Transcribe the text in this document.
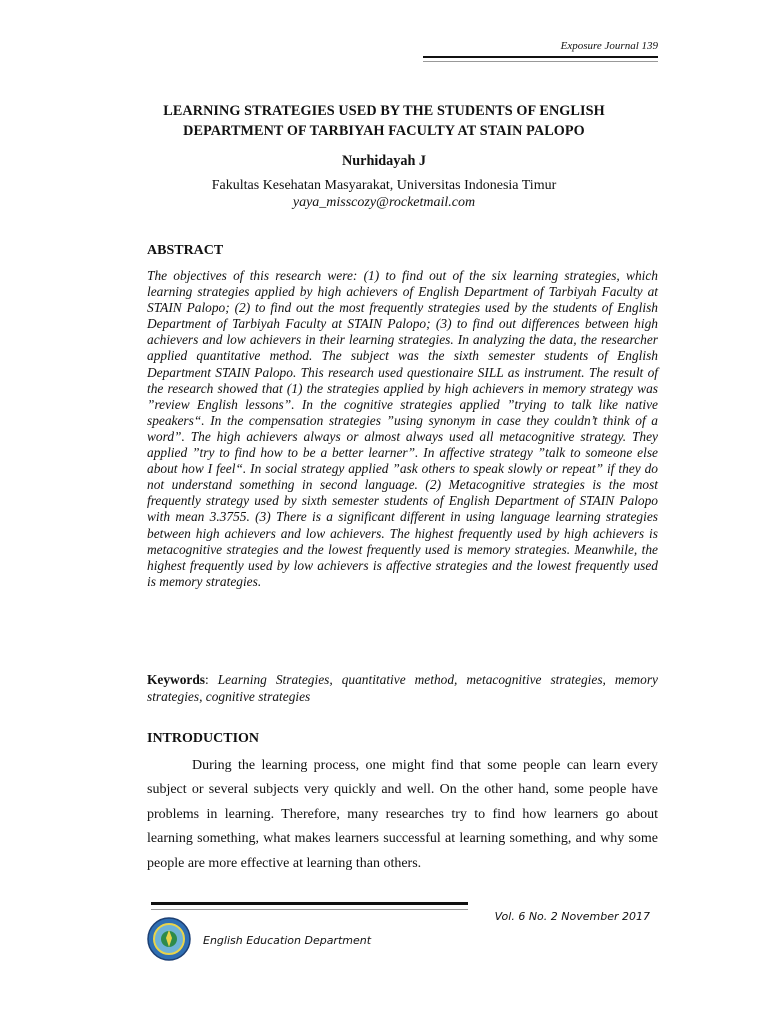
Exposure Journal 139
LEARNING STRATEGIES USED BY THE STUDENTS OF ENGLISH
DEPARTMENT OF TARBIYAH FACULTY AT STAIN PALOPO
Nurhidayah J
Fakultas Kesehatan Masyarakat, Universitas Indonesia Timur
yaya_misscozy@rocketmail.com
ABSTRACT

The objectives of this research were: (1) to find out of the six learning strategies, which learning strategies applied by high achievers of English Department of Tarbiyah Faculty at STAIN Palopo; (2) to find out the most frequently strategies used by the students of English Department of Tarbiyah Faculty at STAIN Palopo; (3) to find out differences between high achievers and low achievers in their learning strategies. In analyzing the data, the researcher applied quantitative method. The subject was the sixth semester students of English Department STAIN Palopo. This research used questionaire SILL as instrument. The result of the research showed that (1) the strategies applied by high achievers in memory strategy was ”review English lessons”. In the cognitive strategies applied ”trying to talk like native speakers“. In the compensation strategies ”using synonym in case they couldn’t think of a word”. The high achievers always or almost always used all metacognitive strategy. They applied ”try to find how to be a better learner”. In affective strategy ”talk to someone else about how I feel“. In social strategy applied ”ask others to speak slowly or repeat” if they do not understand something in second language. (2) Metacognitive strategies is the most frequently strategy used by sixth semester students of English Department of STAIN Palopo with mean 3.3755. (3) There is a significant different in using language learning strategies between high achievers and low achievers. The highest frequently used by high achievers is metacognitive strategies and the lowest frequently used is memory strategies. Meanwhile, the highest frequently used by low achievers is affective strategies and the lowest frequently used is memory strategies.

Keywords: Learning Strategies, quantitative method, metacognitive strategies, memory strategies, cognitive strategies

INTRODUCTION

During the learning process, one might find that some people can learn every subject or several subjects very quickly and well. On the other hand, some people have problems in learning. Therefore, many researches try to find how learners go about learning something, what makes learners successful at learning something, and why some people are more effective at learning than others.

Vol. 6 No. 2 November 2017
English Education Department
